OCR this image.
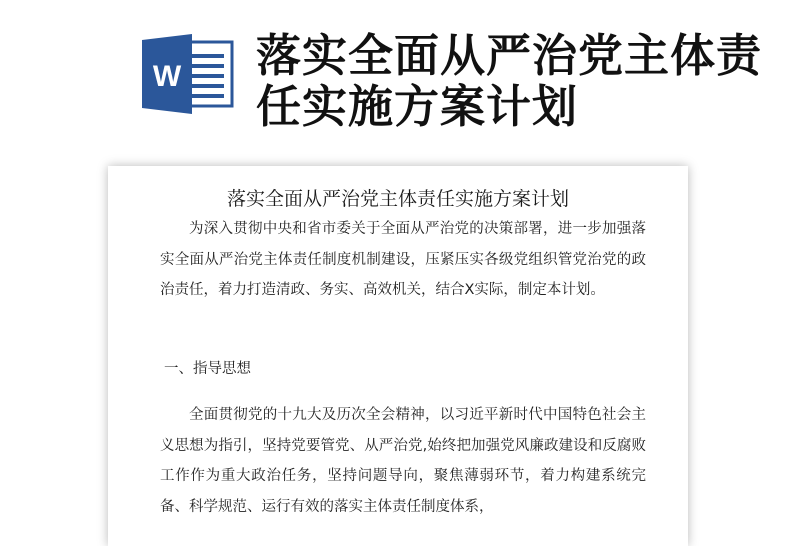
W 落实全面从严治党主体责任实施方案计划
落实全面从严治党主体责任实施方案计划

为深入贯彻中央和省市委关于全面从严治党的决策部署，进一步加强落实全面从严治党主体责任制度机制建设，压紧压实各级党组织管党治党的政治责任，着力打造清政、务实、高效机关，结合X实际，制定本计划。

一、指导思想

全面贯彻党的十九大及历次全会精神，以习近平新时代中国特色社会主义思想为指引，坚持党要管党、从严治党,始终把加强党风廉政建设和反腐败工作作为重大政治任务，坚持问题导向，聚焦薄弱环节，着力构建系统完备、科学规范、运行有效的落实主体责任制度体系，
